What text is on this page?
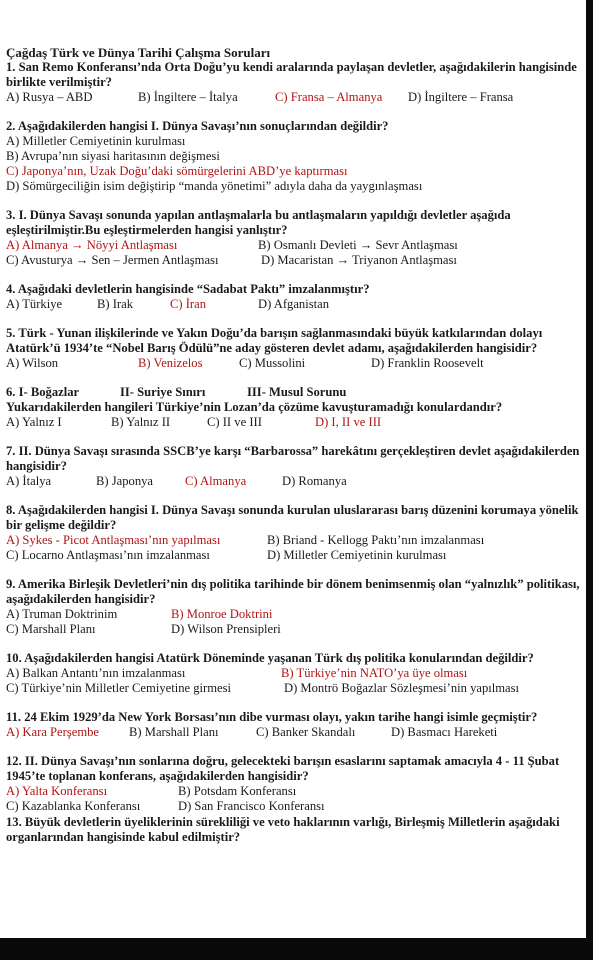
Çağdaş Türk ve Dünya Tarihi Çalışma Soruları
1. San Remo Konferansı’nda Orta Doğu’yu kendi aralarında paylaşan devletler, aşağıdakilerin hangisinde birlikte verilmiştir?
A) Rusya – ABD	B) İngiltere – İtalya	C) Fransa – Almanya	D) İngiltere – Fransa
2. Aşağıdakilerden hangisi I. Dünya Savaşı’nın sonuçlarından değildir?
A) Milletler Cemiyetinin kurulması
B) Avrupa’nın siyasi haritasının değişmesi
C) Japonya’nın, Uzak Doğu’daki sömürgelerini ABD’ye kaptırması
D) Sömürgeciliğin isim değiştirip “manda yönetimi” adıyla daha da yaygınlaşması
3. I. Dünya Savaşı sonunda yapılan antlaşmalarla bu antlaşmaların yapıldığı devletler aşağıda eşleştirilmiştir.Bu eşleştirmelerden hangisi yanlıştır?
A) Almanya → Nöyyi Antlaşması	B) Osmanlı Devleti → Sevr Antlaşması
C) Avusturya → Sen – Jermen Antlaşması	D) Macaristan → Triyanon Antlaşması
4. Aşağıdaki devletlerin hangisinde “Sadabat Paktı” imzalanmıştır?
A) Türkiye	B) Irak	C) İran	D) Afganistan
5. Türk - Yunan ilişkilerinde ve Yakın Doğu’da barışın sağlanmasındaki büyük katkılarından dolayı Atatürk’ü 1934’te “Nobel Barış Ödülü”ne aday gösteren devlet adamı, aşağıdakilerden hangisidir?
A) Wilson	B) Venizelos	C) Mussolini	D) Franklin Roosevelt
6. I- Boğazlar	II- Suriye Sınırı	III- Musul Sorunu
Yukarıdakilerden hangileri Türkiye’nin Lozan’da çözüme kavuşturamadığı konulardandır?
A) Yalnız I	B) Yalnız II	C) II ve III	D) I, II ve III
7. II. Dünya Savaşı sırasında SSCB’ye karşı “Barbarossa” harekâtını gerçekleştiren devlet aşağıdakilerden hangisidir?
A) İtalya	B) Japonya	C) Almanya	D) Romanya
8. Aşağıdakilerden hangisi I. Dünya Savaşı sonunda kurulan uluslararası barış düzenini korumaya yönelik bir gelişme değildir?
A) Sykes - Picot Antlaşması’nın yapılması	B) Briand - Kellogg Paktı’nın imzalanması
C) Locarno Antlaşması’nın imzalanması	D) Milletler Cemiyetinin kurulması
9. Amerika Birleşik Devletleri’nin dış politika tarihinde bir dönem benimsenmiş olan “yalnızlık” politikası, aşağıdakilerden hangisidir?
A) Truman Doktrinim	B) Monroe Doktrini
C) Marshall Planı	D) Wilson Prensipleri
10. Aşağıdakilerden hangisi Atatürk Döneminde yaşanan Türk dış politika konularından değildir?
A) Balkan Antantı’nın imzalanması	B) Türkiye’nin NATO’ya üye olması
C) Türkiye’nin Milletler Cemiyetine girmesi	D) Montrö Boğazlar Sözleşmesi’nin yapılması
11. 24 Ekim 1929’da New York Borsası’nın dibe vurması olayı, yakın tarihe hangi isimle geçmiştir?
A) Kara Perşembe	B) Marshall Planı	C) Banker Skandalı	D) Basmacı Hareketi
12. II. Dünya Savaşı’nın sonlarına doğru, gelecekteki barışın esaslarını saptamak amacıyla 4 - 11 Şubat 1945’te toplanan konferans, aşağıdakilerden hangisidir?
A) Yalta Konferansı	B) Potsdam Konferansı
C) Kazablanka Konferansı	D) San Francisco Konferansı
13. Büyük devletlerin üyeliklerinin sürekliliği ve veto haklarının varlığı, Birleşmiş Milletlerin aşağıdaki organlarından hangisinde kabul edilmiştir?
